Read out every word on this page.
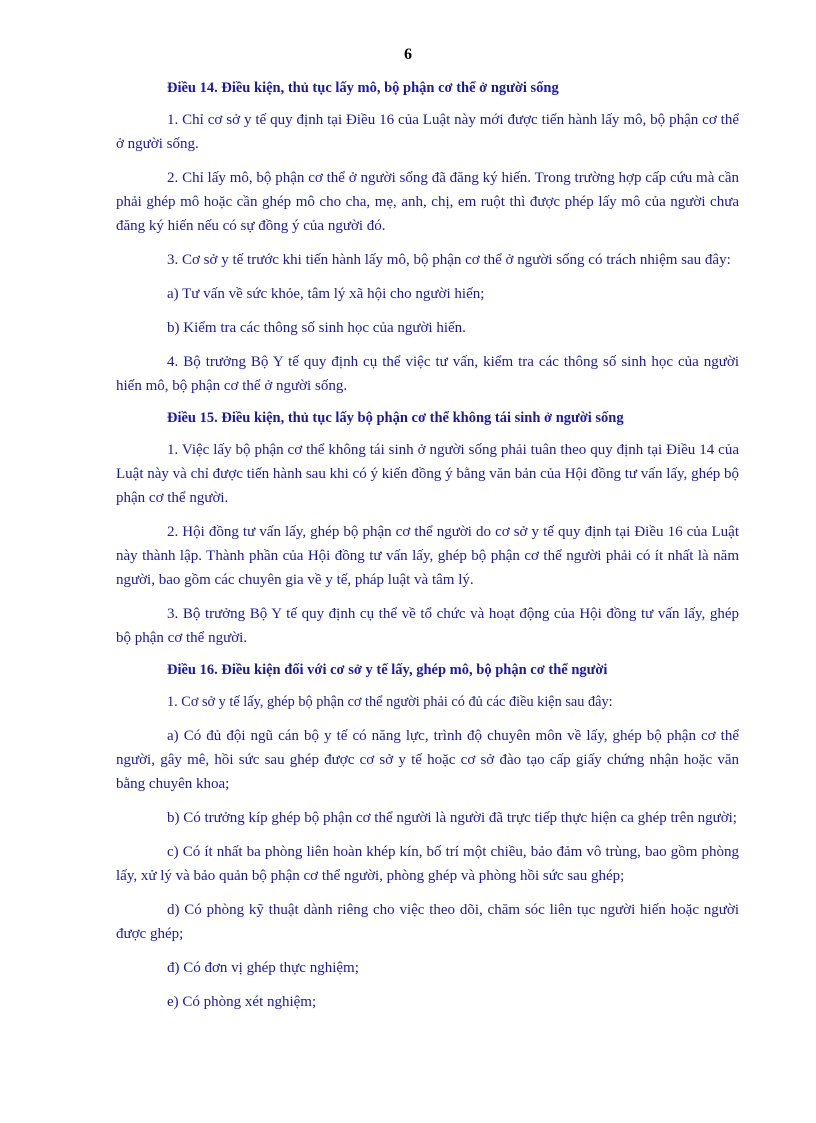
6

Điều 14. Điều kiện, thủ tục lấy mô, bộ phận cơ thể ở người sống

1. Chỉ cơ sở y tế quy định tại Điều 16 của Luật này mới được tiến hành lấy mô, bộ phận cơ thể ở người sống.

2. Chỉ lấy mô, bộ phận cơ thể ở người sống đã đăng ký hiến. Trong trường hợp cấp cứu mà cần phải ghép mô hoặc cần ghép mô cho cha, mẹ, anh, chị, em ruột thì được phép lấy mô của người chưa đăng ký hiến nếu có sự đồng ý của người đó.

3. Cơ sở y tế trước khi tiến hành lấy mô, bộ phận cơ thể ở người sống có trách nhiệm sau đây:

a) Tư vấn về sức khỏe, tâm lý xã hội cho người hiến;

b) Kiểm tra các thông số sinh học của người hiến.

4. Bộ trưởng Bộ Y tế quy định cụ thể việc tư vấn, kiểm tra các thông số sinh học của người hiến mô, bộ phận cơ thể ở người sống.

Điều 15. Điều kiện, thủ tục lấy bộ phận cơ thể không tái sinh ở người sống

1. Việc lấy bộ phận cơ thể không tái sinh ở người sống phải tuân theo quy định tại Điều 14 của Luật này và chỉ được tiến hành sau khi có ý kiến đồng ý bằng văn bản của Hội đồng tư vấn lấy, ghép bộ phận cơ thể người.

2. Hội đồng tư vấn lấy, ghép bộ phận cơ thể người do cơ sở y tế quy định tại Điều 16 của Luật này thành lập. Thành phần của Hội đồng tư vấn lấy, ghép bộ phận cơ thể người phải có ít nhất là năm người, bao gồm các chuyên gia về y tế, pháp luật và tâm lý.

3. Bộ trưởng Bộ Y tế quy định cụ thể về tổ chức và hoạt động của Hội đồng tư vấn lấy, ghép bộ phận cơ thể người.

Điều 16. Điều kiện đối với cơ sở y tế lấy, ghép mô, bộ phận cơ thể người

1. Cơ sở y tế lấy, ghép bộ phận cơ thể người phải có đủ các điều kiện sau đây:

a) Có đủ đội ngũ cán bộ y tế có năng lực, trình độ chuyên môn về lấy, ghép bộ phận cơ thể người, gây mê, hồi sức sau ghép được cơ sở y tế hoặc cơ sở đào tạo cấp giấy chứng nhận hoặc văn bằng chuyên khoa;

b) Có trưởng kíp ghép bộ phận cơ thể người là người đã trực tiếp thực hiện ca ghép trên người;

c) Có ít nhất ba phòng liên hoàn khép kín, bố trí một chiều, bảo đảm vô trùng, bao gồm phòng lấy, xử lý và bảo quản bộ phận cơ thể người, phòng ghép và phòng hồi sức sau ghép;

d) Có phòng kỹ thuật dành riêng cho việc theo dõi, chăm sóc liên tục người hiến hoặc người được ghép;

đ) Có đơn vị ghép thực nghiệm;

e) Có phòng xét nghiệm;
